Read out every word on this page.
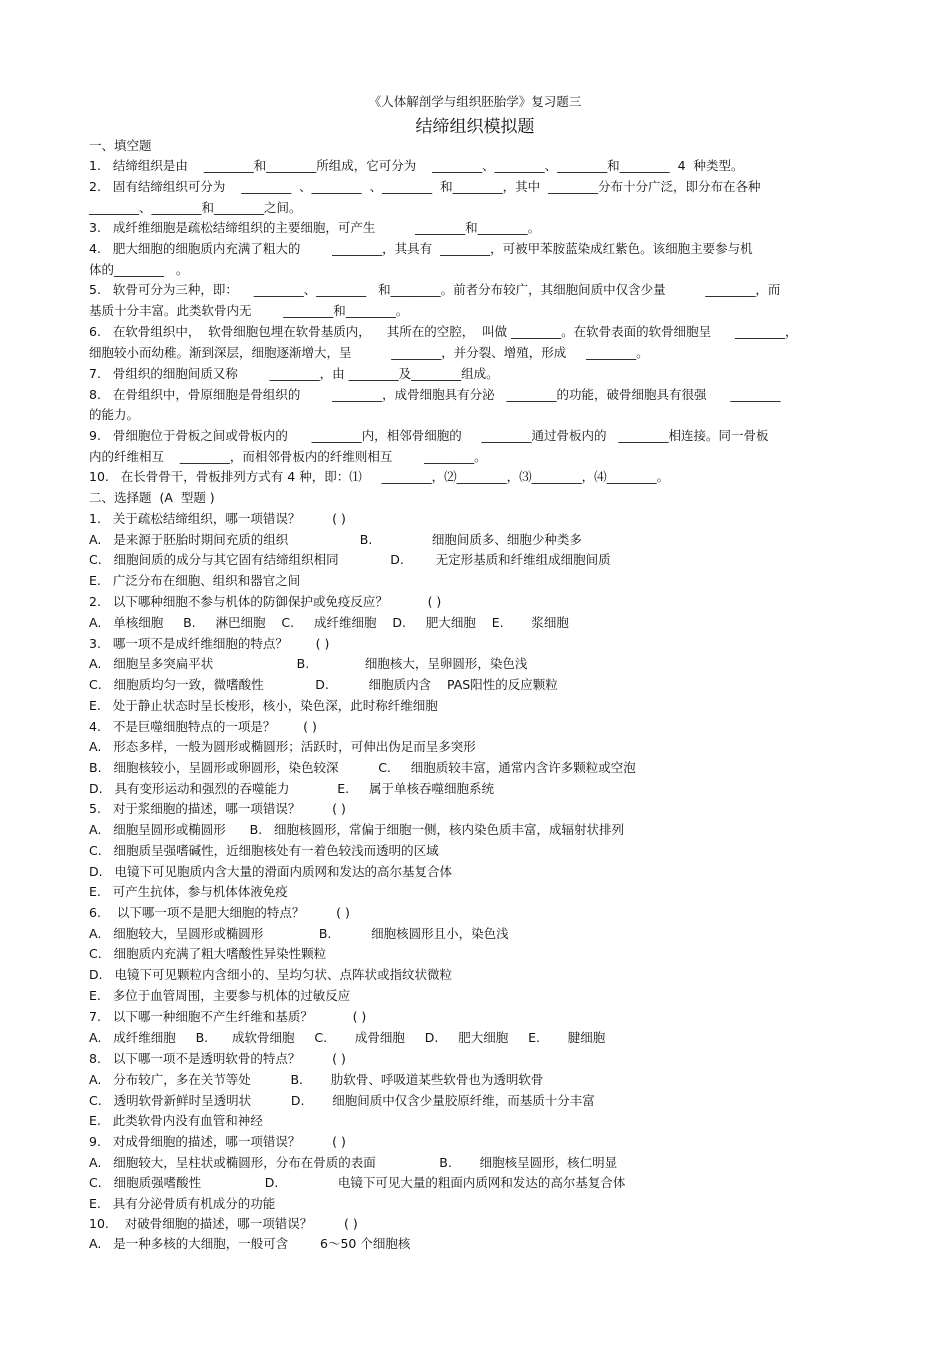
《人体解剖学与组织胚胎学》复习题三
结缔组织模拟题
一、填空题
1.   结缔组织是由    ________和________所组成，它可分为    ________、________、________和________  4  种类型。
2.   固有结缔组织可分为    ________  、________  、________  和________，其中  ________分布十分广泛，即分布在各种
________、________和________之间。
3.   成纤维细胞是疏松结缔组织的主要细胞，可产生          ________和________。
4.   肥大细胞的细胞质内充满了粗大的        ________，其具有  ________，可被甲苯胺蓝染成红紫色。该细胞主要参与机
体的________   。
5.   软骨可分为三种，即：    ________、________   和________。前者分布较广，其细胞间质中仅含少量          ________，而
基质十分丰富。此类软骨内无        ________和________。
6.   在软骨组织中，  软骨细胞包埋在软骨基质内，    其所在的空腔，  叫做 ________。在软骨表面的软骨细胞呈      ________，
细胞较小而幼稚。渐到深层，细胞逐渐增大，呈          ________，并分裂、增殖，形成     ________。
7.   骨组织的细胞间质又称        ________，由 ________及________组成。
8.   在骨组织中，骨原细胞是骨组织的        ________，成骨细胞具有分泌   ________的功能，破骨细胞具有很强      ________
的能力。
9.   骨细胞位于骨板之间或骨板内的      ________内，相邻骨细胞的     ________通过骨板内的   ________相连接。同一骨板
内的纤维相互    ________，而相邻骨板内的纤维则相互        ________。
10.   在长骨骨干，骨板排列方式有 4 种，即：⑴     ________，⑵________，⑶________，⑷________。
二、选择题  (A  型题 )
1.   关于疏松结缔组织，哪一项错误？        ( )
A.   是来源于胚胎时期间充质的组织                  B.               细胞间质多、细胞少种类多
C.   细胞间质的成分与其它固有结缔组织相同             D.        无定形基质和纤维组成细胞间质
E.   广泛分布在细胞、组织和器官之间
2.   以下哪种细胞不参与机体的防御保护或免疫反应？          ( )
A.   单核细胞     B.     淋巴细胞    C.     成纤维细胞    D.     肥大细胞    E.       浆细胞
3.   哪一项不是成纤维细胞的特点？       ( )
A.   细胞呈多突扁平状                     B.              细胞核大，呈卵圆形，染色浅
C.   细胞质均匀一致，微嗜酸性             D.          细胞质内含    PAS阳性的反应颗粒
E.   处于静止状态时呈长梭形，核小，染色深，此时称纤维细胞
4.   不是巨噬细胞特点的一项是？       ( )
A.   形态多样，一般为圆形或椭圆形；活跃时，可伸出伪足而呈多突形
B.   细胞核较小，呈圆形或卵圆形，染色较深          C.     细胞质较丰富，通常内含许多颗粒或空泡
D.   具有变形运动和强烈的吞噬能力            E.     属于单核吞噬细胞系统
5.   对于浆细胞的描述，哪一项错误？        ( )
A.   细胞呈圆形或椭圆形      B.   细胞核圆形，常偏于细胞一侧，核内染色质丰富，成辐射状排列
C.   细胞质呈强嗜碱性，近细胞核处有一着色较浅而透明的区域
D.   电镜下可见胞质内含大量的滑面内质网和发达的高尔基复合体
E.   可产生抗体，参与机体体液免疫
6.    以下哪一项不是肥大细胞的特点？        ( )
A.   细胞较大，呈圆形或椭圆形              B.          细胞核圆形且小，染色浅
C.   细胞质内充满了粗大嗜酸性异染性颗粒
D.   电镜下可见颗粒内含细小的、呈均匀状、点阵状或指纹状微粒
E.   多位于血管周围，主要参与机体的过敏反应
7.   以下哪一种细胞不产生纤维和基质？          ( )
A.   成纤维细胞     B.      成软骨细胞     C.       成骨细胞     D.     肥大细胞     E.       腱细胞
8.   以下哪一项不是透明软骨的特点？        ( )
A.   分布较广，多在关节等处          B.       肋软骨、呼吸道某些软骨也为透明软骨
C.   透明软骨新鲜时呈透明状          D.       细胞间质中仅含少量胶原纤维，而基质十分丰富
E.   此类软骨内没有血管和神经
9.   对成骨细胞的描述，哪一项错误？        ( )
A.   细胞较大，呈柱状或椭圆形，分布在骨质的表面                B.       细胞核呈圆形，核仁明显
C.   细胞质强嗜酸性                D.               电镜下可见大量的粗面内质网和发达的高尔基复合体
E.   具有分泌骨质有机成分的功能
10.    对破骨细胞的描述，哪一项错误？        ( )
A.   是一种多核的大细胞，一般可含        6～50 个细胞核
